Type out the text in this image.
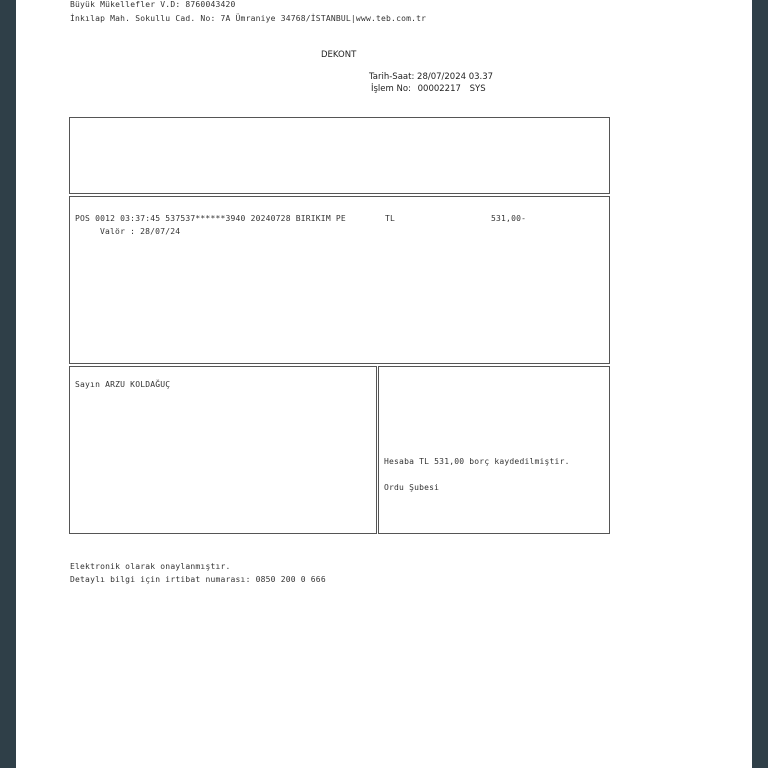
Büyük Mükellefler V.D: 8760043420
İnkılap Mah. Sokullu Cad. No: 7A Ümraniye 34768/İSTANBUL|www.teb.com.tr
DEKONT
Tarih-Saat: 28/07/2024 03.37
İşlem No: 00002217 SYS
POS 0012 03:37:45 537537******3940 20240728 BIRIKIM PE	TL	531,00-
Valör : 28/07/24
Sayın ARZU KOLDAĞUÇ
Hesaba TL 531,00 borç kaydedilmiştir.
Ordu Şubesi
Elektronik olarak onaylanmıştır.
Detaylı bilgi için irtibat numarası: 0850 200 0 666
